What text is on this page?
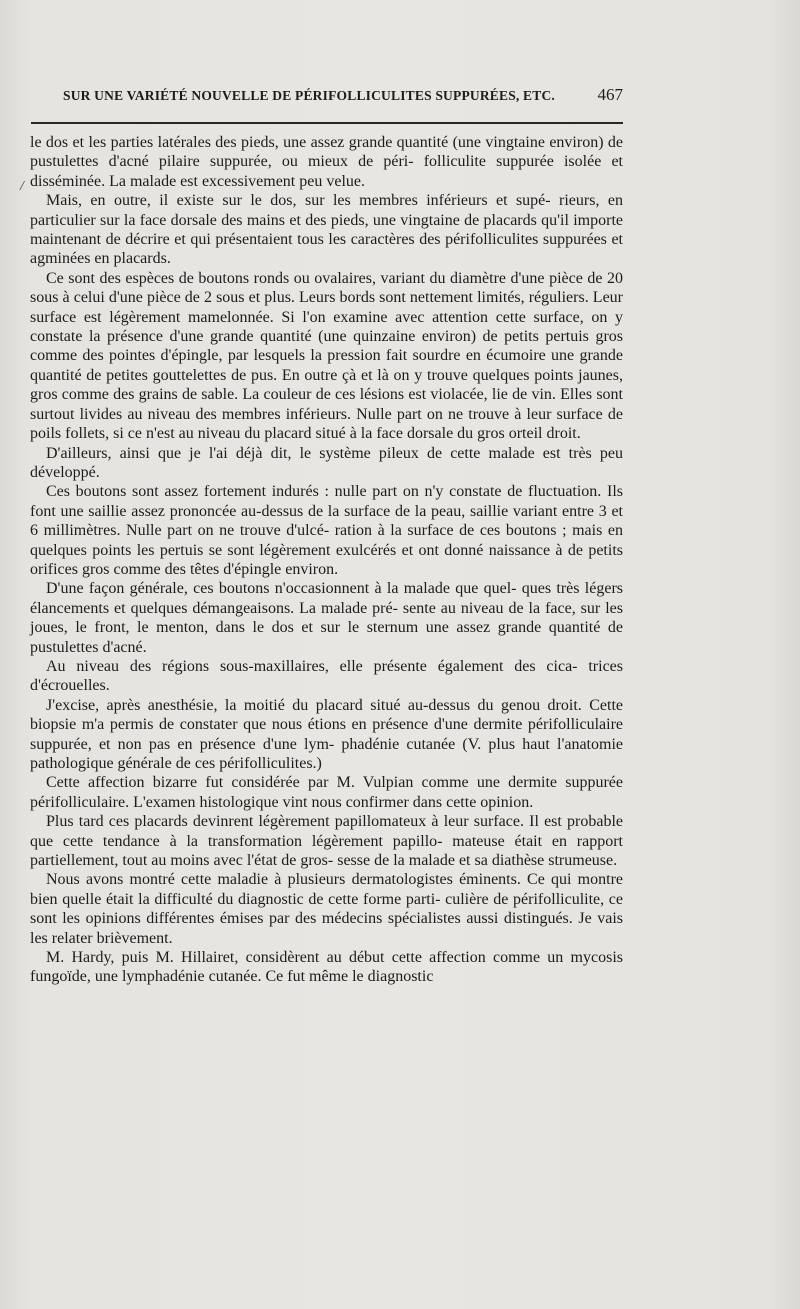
SUR UNE VARIÉTÉ NOUVELLE DE PÉRIFOLLICULITES SUPPURÉES, ETC.	467
/

le dos et les parties latérales des pieds, une assez grande quantité (une vingtaine environ) de pustulettes d'acné pilaire suppurée, ou mieux de péri- folliculite suppurée isolée et disséminée. La malade est excessivement peu velue.

Mais, en outre, il existe sur le dos, sur les membres inférieurs et supé- rieurs, en particulier sur la face dorsale des mains et des pieds, une vingtaine de placards qu'il importe maintenant de décrire et qui présentaient tous les caractères des périfolliculites suppurées et agminées en placards.

Ce sont des espèces de boutons ronds ou ovalaires, variant du diamètre d'une pièce de 20 sous à celui d'une pièce de 2 sous et plus. Leurs bords sont nettement limités, réguliers. Leur surface est légèrement mamelonnée. Si l'on examine avec attention cette surface, on y constate la présence d'une grande quantité (une quinzaine environ) de petits pertuis gros comme des pointes d'épingle, par lesquels la pression fait sourdre en écumoire une grande quantité de petites gouttelettes de pus. En outre çà et là on y trouve quelques points jaunes, gros comme des grains de sable. La couleur de ces lésions est violacée, lie de vin. Elles sont surtout livides au niveau des membres inférieurs. Nulle part on ne trouve à leur surface de poils follets, si ce n'est au niveau du placard situé à la face dorsale du gros orteil droit.

D'ailleurs, ainsi que je l'ai déjà dit, le système pileux de cette malade est très peu développé.

Ces boutons sont assez fortement indurés : nulle part on n'y constate de fluctuation. Ils font une saillie assez prononcée au-dessus de la surface de la peau, saillie variant entre 3 et 6 millimètres. Nulle part on ne trouve d'ulcé- ration à la surface de ces boutons ; mais en quelques points les pertuis se sont légèrement exulcérés et ont donné naissance à de petits orifices gros comme des têtes d'épingle environ.

D'une façon générale, ces boutons n'occasionnent à la malade que quel- ques très légers élancements et quelques démangeaisons. La malade pré- sente au niveau de la face, sur les joues, le front, le menton, dans le dos et sur le sternum une assez grande quantité de pustulettes d'acné.

Au niveau des régions sous-maxillaires, elle présente également des cica- trices d'écrouelles.

J'excise, après anesthésie, la moitié du placard situé au-dessus du genou droit. Cette biopsie m'a permis de constater que nous étions en présence d'une dermite périfolliculaire suppurée, et non pas en présence d'une lym- phadénie cutanée (V. plus haut l'anatomie pathologique générale de ces périfolliculites.)

Cette affection bizarre fut considérée par M. Vulpian comme une dermite suppurée périfolliculaire. L'examen histologique vint nous confirmer dans cette opinion.

Plus tard ces placards devinrent légèrement papillomateux à leur surface. Il est probable que cette tendance à la transformation légèrement papillo- mateuse était en rapport partiellement, tout au moins avec l'état de gros- sesse de la malade et sa diathèse strumeuse.

Nous avons montré cette maladie à plusieurs dermatologistes éminents. Ce qui montre bien quelle était la difficulté du diagnostic de cette forme parti- culière de périfolliculite, ce sont les opinions différentes émises par des médecins spécialistes aussi distingués. Je vais les relater brièvement.

M. Hardy, puis M. Hillairet, considèrent au début cette affection comme un mycosis fungoïde, une lymphadénie cutanée. Ce fut même le diagnostic
